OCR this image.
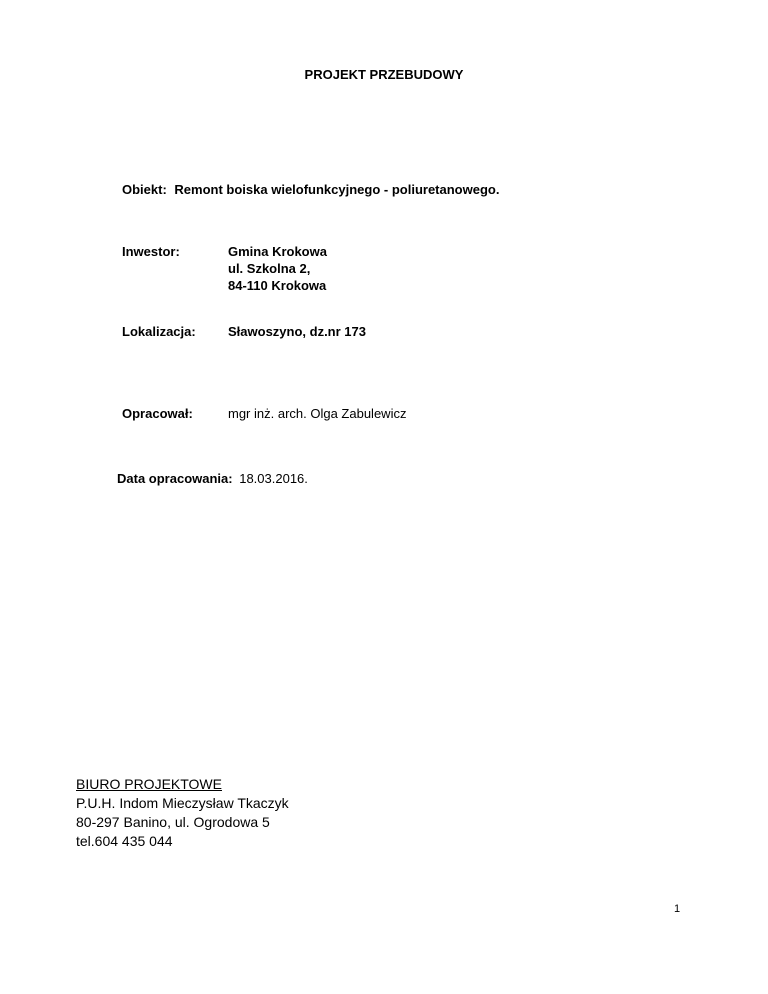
PROJEKT PRZEBUDOWY
Obiekt: Remont boiska wielofunkcyjnego - poliuretanowego.
Inwestor:	Gmina Krokowa
ul. Szkolna 2,
84-110 Krokowa
Lokalizacja: Sławoszyno, dz.nr 173
Opracował:	mgr inż. arch. Olga Zabulewicz
Data opracowania: 18.03.2016.
BIURO PROJEKTOWE
P.U.H. Indom Mieczysław Tkaczyk
80-297 Banino, ul. Ogrodowa 5
tel.604 435 044
1
